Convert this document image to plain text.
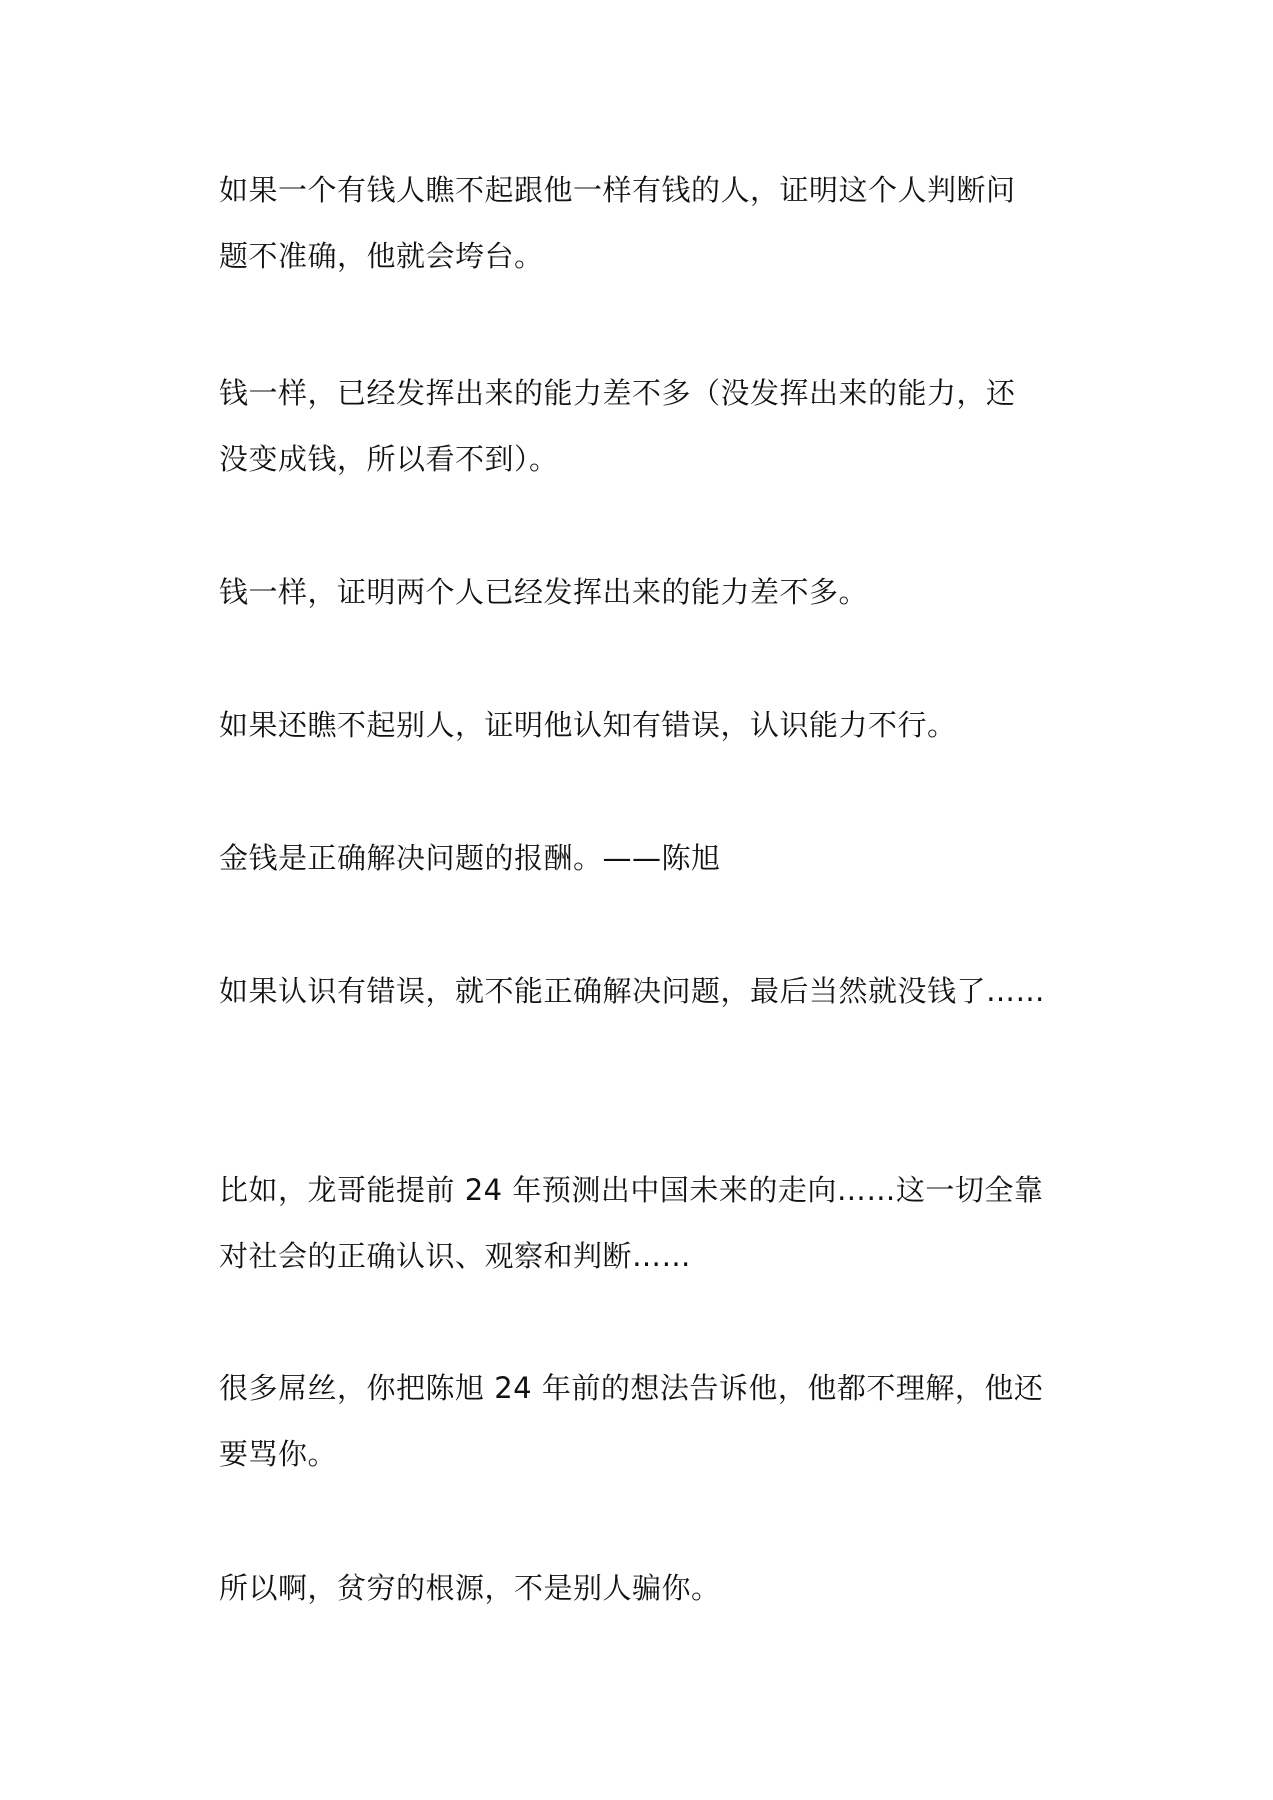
如果一个有钱人瞧不起跟他一样有钱的人，证明这个人判断问
题不准确，他就会垮台。

钱一样，已经发挥出来的能力差不多（没发挥出来的能力，还
没变成钱，所以看不到）。

钱一样，证明两个人已经发挥出来的能力差不多。

如果还瞧不起别人，证明他认知有错误，认识能力不行。

金钱是正确解决问题的报酬。——陈旭

如果认识有错误，就不能正确解决问题，最后当然就没钱了……

比如，龙哥能提前 24 年预测出中国未来的走向……这一切全靠
对社会的正确认识、观察和判断……

很多屌丝，你把陈旭 24 年前的想法告诉他，他都不理解，他还
要骂你。

所以啊，贫穷的根源，不是别人骗你。
